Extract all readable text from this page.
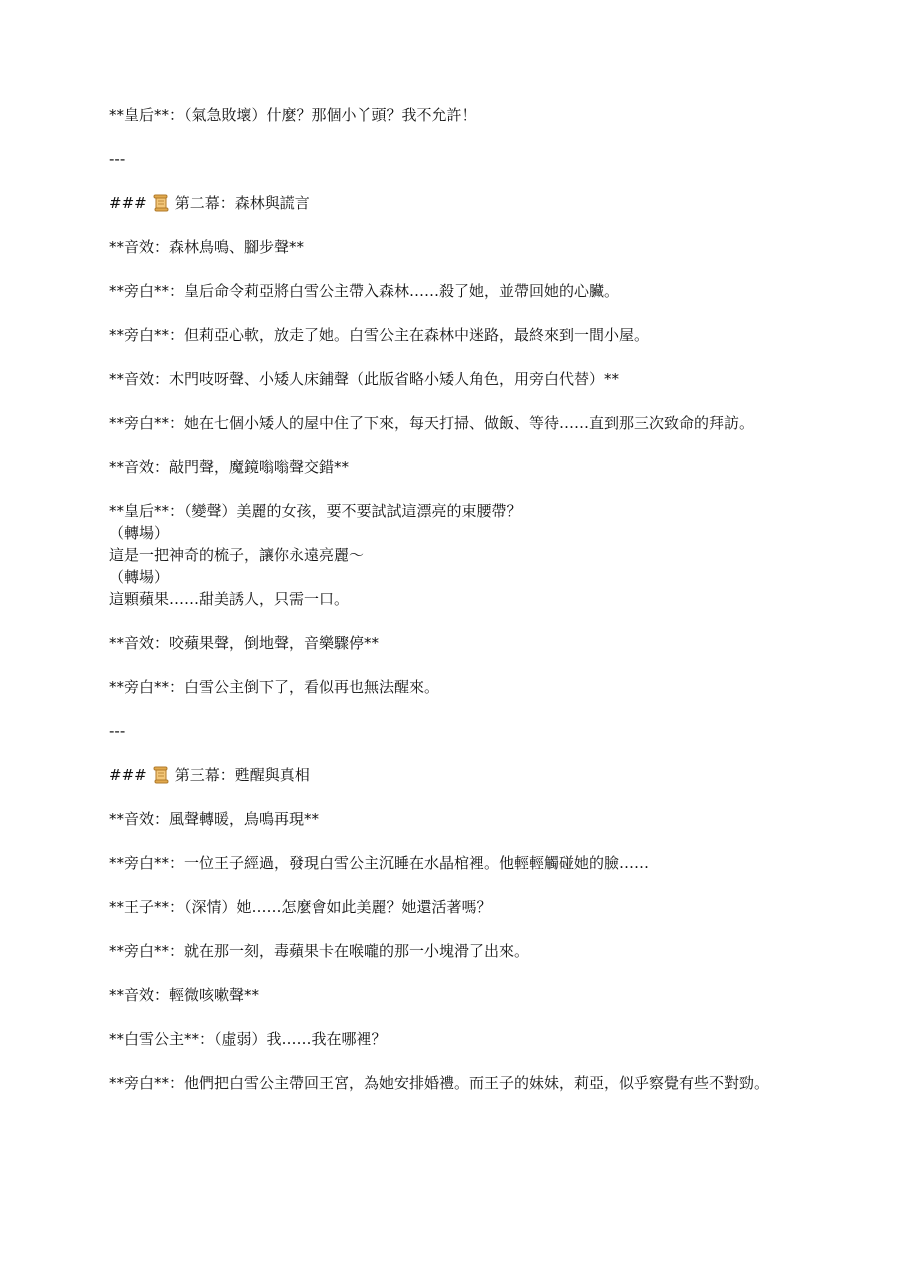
**皇后**：（氣急敗壞）什麼？那個小丫頭？我不允許！

---

### 第二幕：森林與謊言

**音效：森林鳥鳴、腳步聲**

**旁白**：皇后命令莉亞將白雪公主帶入森林……殺了她，並帶回她的心臟。

**旁白**：但莉亞心軟，放走了她。白雪公主在森林中迷路，最終來到一間小屋。

**音效：木門吱呀聲、小矮人床鋪聲（此版省略小矮人角色，用旁白代替）**

**旁白**：她在七個小矮人的屋中住了下來，每天打掃、做飯、等待……直到那三次致命的拜訪。

**音效：敲門聲，魔鏡嗡嗡聲交錯**

**皇后**：（變聲）美麗的女孩，要不要試試這漂亮的束腰帶？

（轉場）

這是一把神奇的梳子，讓你永遠亮麗～

（轉場）

這顆蘋果……甜美誘人，只需一口。

**音效：咬蘋果聲，倒地聲，音樂驟停**

**旁白**：白雪公主倒下了，看似再也無法醒來。

---

### 第三幕：甦醒與真相

**音效：風聲轉暖，鳥鳴再現**

**旁白**：一位王子經過，發現白雪公主沉睡在水晶棺裡。他輕輕觸碰她的臉……

**王子**：（深情）她……怎麼會如此美麗？她還活著嗎？

**旁白**：就在那一刻，毒蘋果卡在喉嚨的那一小塊滑了出來。

**音效：輕微咳嗽聲**

**白雪公主**：（虛弱）我……我在哪裡？

**旁白**：他們把白雪公主帶回王宮，為她安排婚禮。而王子的妹妹，莉亞，似乎察覺有些不對勁。
